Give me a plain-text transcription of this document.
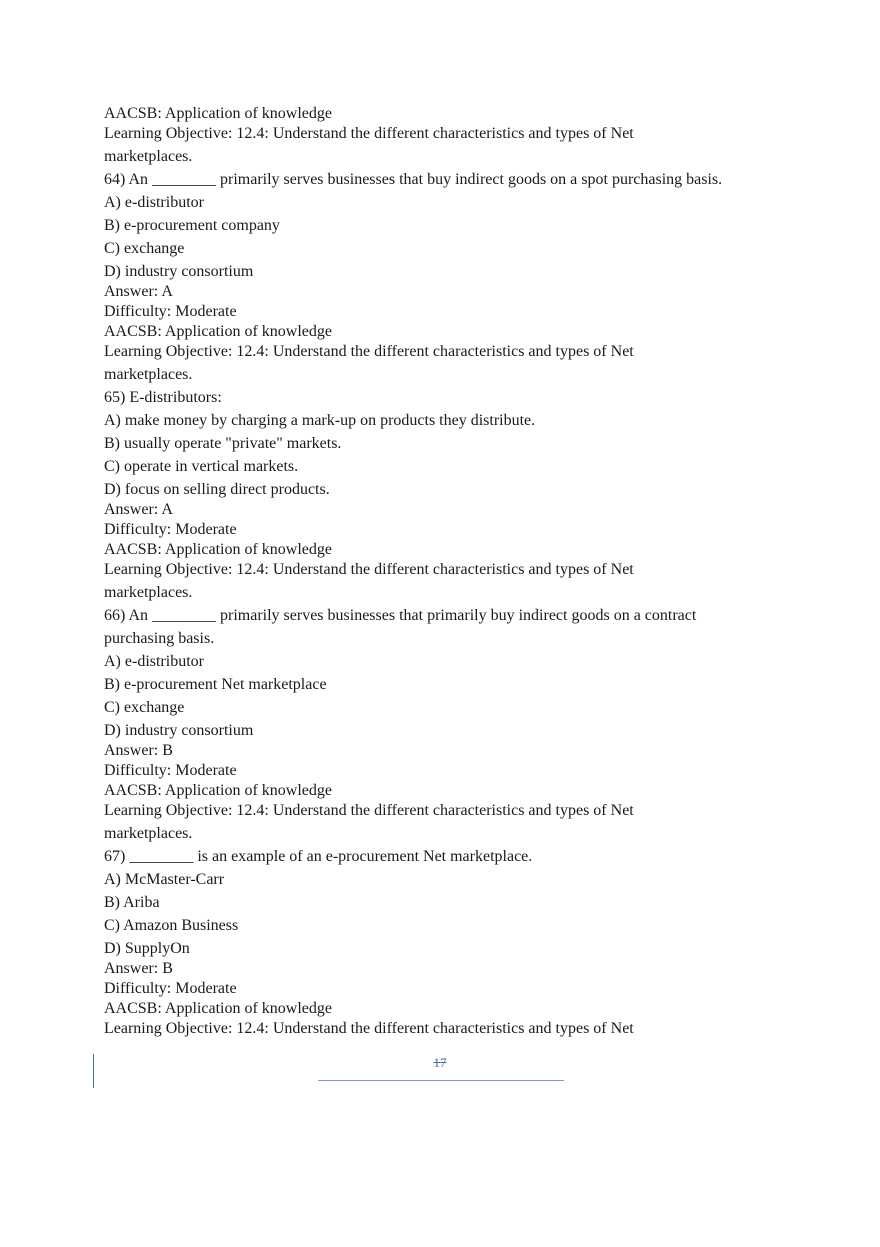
AACSB: Application of knowledge
Learning Objective: 12.4: Understand the different characteristics and types of Net
marketplaces.
64) An ________ primarily serves businesses that buy indirect goods on a spot purchasing basis.
A) e-distributor
B) e-procurement company
C) exchange
D) industry consortium
Answer: A
Difficulty: Moderate
AACSB: Application of knowledge
Learning Objective: 12.4: Understand the different characteristics and types of Net
marketplaces.
65) E-distributors:
A) make money by charging a mark-up on products they distribute.
B) usually operate "private" markets.
C) operate in vertical markets.
D) focus on selling direct products.
Answer: A
Difficulty: Moderate
AACSB: Application of knowledge
Learning Objective: 12.4: Understand the different characteristics and types of Net
marketplaces.
66) An ________ primarily serves businesses that primarily buy indirect goods on a contract
purchasing basis.
A) e-distributor
B) e-procurement Net marketplace
C) exchange
D) industry consortium
Answer: B
Difficulty: Moderate
AACSB: Application of knowledge
Learning Objective: 12.4: Understand the different characteristics and types of Net
marketplaces.
67) ________ is an example of an e-procurement Net marketplace.
A) McMaster-Carr
B) Ariba
C) Amazon Business
D) SupplyOn
Answer: B
Difficulty: Moderate
AACSB: Application of knowledge
Learning Objective: 12.4: Understand the different characteristics and types of Net
17
